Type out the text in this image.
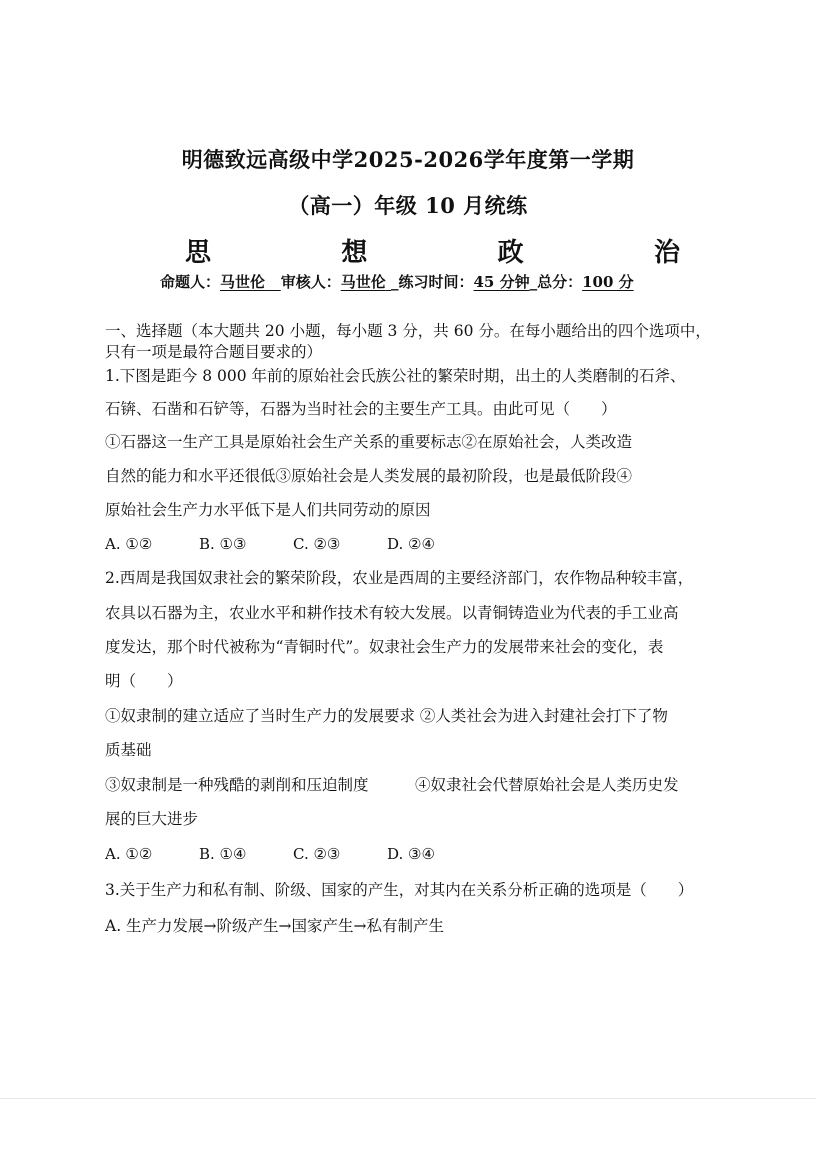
明德致远高级中学2025-2026学年度第一学期
（高一）年级 10 月统练
思	想	政	治
命题人：马世伦 审核人：马世伦 _练习时间：45 分钟_总分：100 分
一、选择题（本大题共 20 小题，每小题 3 分，共 60 分。在每小题给出的四个选项中，
只有一项是最符合题目要求的）
1.下图是距今 8 000 年前的原始社会氏族公社的繁荣时期，出土的人类磨制的石斧、
石锛、石凿和石铲等，石器为当时社会的主要生产工具。由此可见（　　）
①石器这一生产工具是原始社会生产关系的重要标志②在原始社会，人类改造
自然的能力和水平还很低③原始社会是人类发展的最初阶段，也是最低阶段④
原始社会生产力水平低下是人们共同劳动的原因
A. ①②	B. ①③	C. ②③	D. ②④
2.西周是我国奴隶社会的繁荣阶段，农业是西周的主要经济部门，农作物品种较丰富，
农具以石器为主，农业水平和耕作技术有较大发展。以青铜铸造业为代表的手工业高
度发达，那个时代被称为“青铜时代”。奴隶社会生产力的发展带来社会的变化，表
明（　　）
①奴隶制的建立适应了当时生产力的发展要求 ②人类社会为进入封建社会打下了物
质基础
③奴隶制是一种残酷的剥削和压迫制度　　　④奴隶社会代替原始社会是人类历史发
展的巨大进步
A. ①②	B. ①④	C. ②③	D. ③④
3.关于生产力和私有制、阶级、国家的产生，对其内在关系分析正确的选项是（　　）
A. 生产力发展→阶级产生→国家产生→私有制产生
